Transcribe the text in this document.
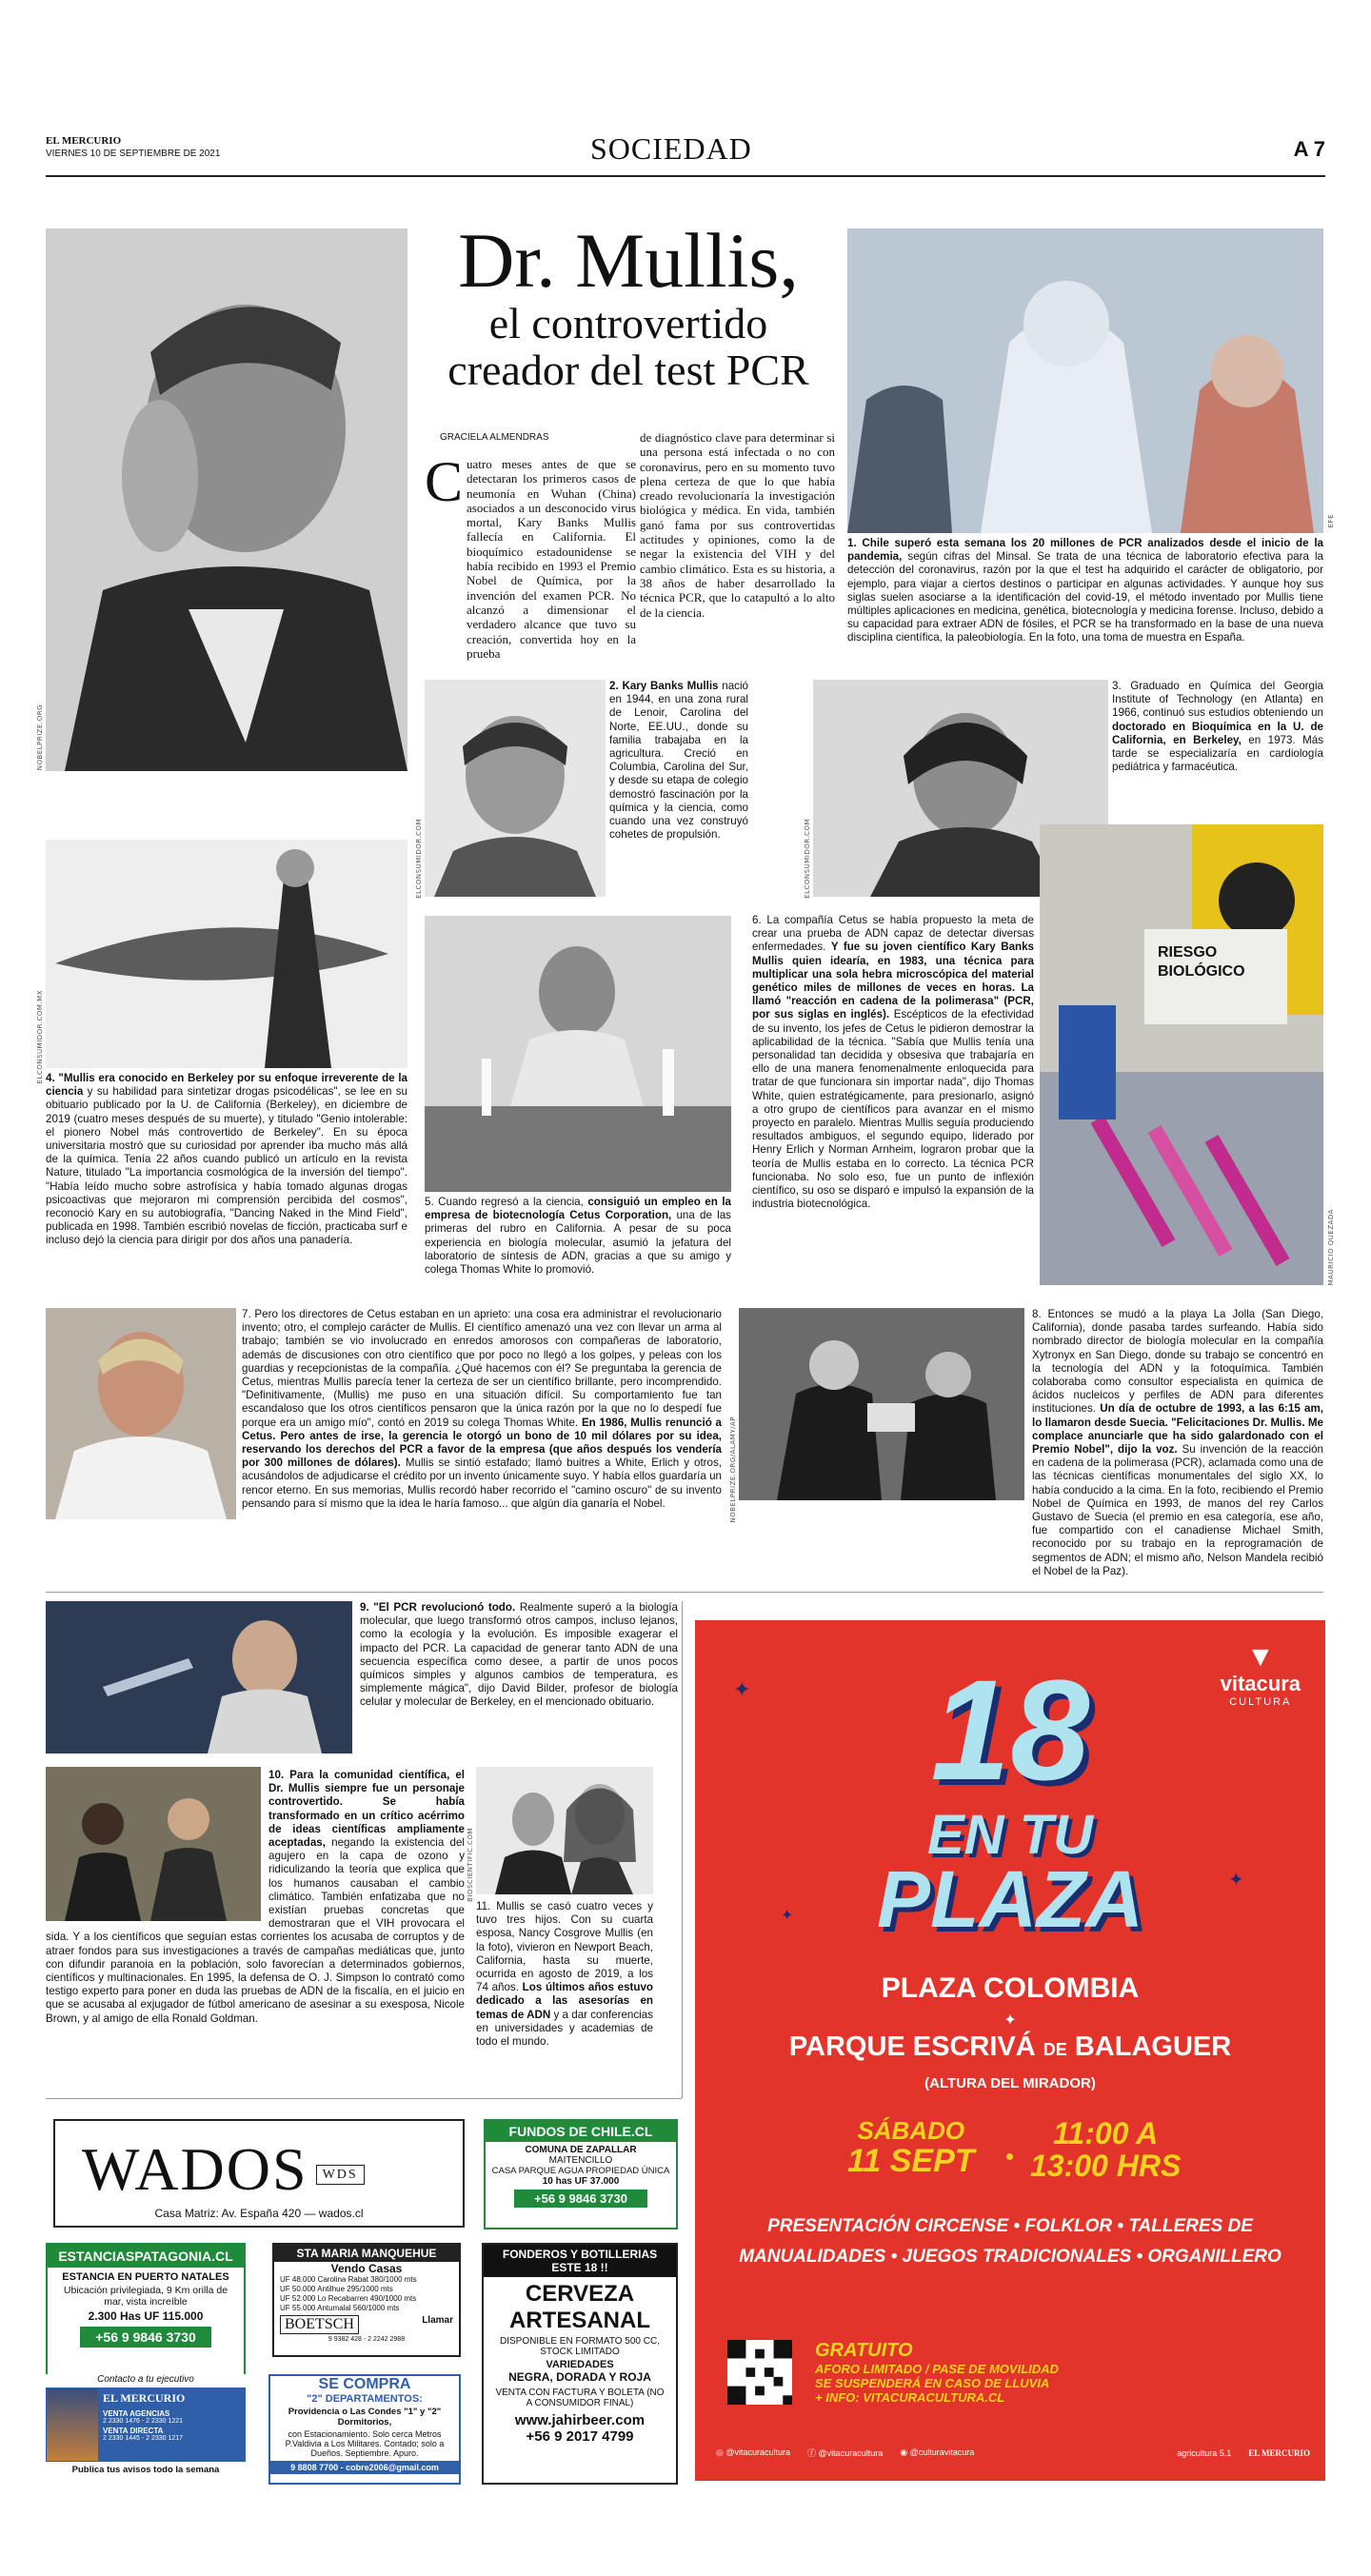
EL MERCURIO
VIERNES 10 DE SEPTIEMBRE DE 2021	SOCIEDAD	A 7
NOBELPRIZE.ORG
Dr. Mullis,
el controvertido
creador del test PCR
GRACIELA ALMENDRAS
C uatro meses antes de que se detectaran los primeros casos de neumonía en Wuhan (China) asociados a un desconocido virus mortal, Kary Banks Mullis fallecía en California. El bioquímico estadounidense se había recibido en 1993 el Premio Nobel de Química, por la invención del examen PCR. No alcanzó a dimensionar el verdadero alcance que tuvo su creación, convertida hoy en la prueba
de diagnóstico clave para determinar si una persona está infectada o no con coronavirus, pero en su momento tuvo plena certeza de que lo que había creado revolucionaría la investigación biológica y médica. En vida, también ganó fama por sus controvertidas actitudes y opiniones, como la de negar la existencia del VIH y del cambio climático. Esta es su historia, a 38 años de haber desarrollado la técnica PCR, que lo catapultó a lo alto de la ciencia.
EFE
1. Chile superó esta semana los 20 millones de PCR analizados desde el inicio de la pandemia, según cifras del Minsal. Se trata de una técnica de laboratorio efectiva para la detección del coronavirus, razón por la que el test ha adquirido el carácter de obligatorio, por ejemplo, para viajar a ciertos destinos o participar en algunas actividades. Y aunque hoy sus siglas suelen asociarse a la identificación del covid-19, el método inventado por Mullis tiene múltiples aplicaciones en medicina, genética, biotecnología y medicina forense. Incluso, debido a su capacidad para extraer ADN de fósiles, el PCR se ha transformado en la base de una nueva disciplina científica, la paleobiología. En la foto, una toma de muestra en España.
ELCONSUMIDOR.COM
2. Kary Banks Mullis nació en 1944, en una zona rural de Lenoir, Carolina del Norte, EE.UU., donde su familia trabajaba en la agricultura. Creció en Columbia, Carolina del Sur, y desde su etapa de colegio demostró fascinación por la química y la ciencia, como cuando una vez construyó cohetes de propulsión.	ELCONSUMIDOR.COM
3. Graduado en Química del Georgia Institute of Technology (en Atlanta) en 1966, continuó sus estudios obteniendo un doctorado en Bioquímica en la U. de California, en Berkeley, en 1973. Más tarde se especializaría en cardiología pediátrica y farmacéutica.
ELCONSUMIDOR.COM.MX 4. "Mullis era conocido en Berkeley por su enfoque irreverente de la ciencia y su habilidad para sintetizar drogas psicodélicas", se lee en su obituario publicado por la U. de California (Berkeley), en diciembre de 2019 (cuatro meses después de su muerte), y titulado "Genio intolerable: el pionero Nobel más controvertido de Berkeley". En su época universitaria mostró que su curiosidad por aprender iba mucho más allá de la química. Tenía 22 años cuando publicó un artículo en la revista Nature, titulado "La importancia cosmológica de la inversión del tiempo". "Había leído mucho sobre astrofísica y había tomado algunas drogas psicoactivas que mejoraron mi comprensión percibida del cosmos", reconoció Kary en su autobiografía, "Dancing Naked in the Mind Field", publicada en 1998. También escribió novelas de ficción, practicaba surf e incluso dejó la ciencia para dirigir por dos años una panadería.
5. Cuando regresó a la ciencia, consiguió un empleo en la empresa de biotecnología Cetus Corporation, una de las primeras del rubro en California. A pesar de su poca experiencia en biología molecular, asumió la jefatura del laboratorio de síntesis de ADN, gracias a que su amigo y colega Thomas White lo promovió.
6. La compañía Cetus se había propuesto la meta de crear una prueba de ADN capaz de detectar diversas enfermedades. Y fue su joven científico Kary Banks Mullis quien idearía, en 1983, una técnica para multiplicar una sola hebra microscópica del material genético miles de millones de veces en horas. La llamó "reacción en cadena de la polimerasa" (PCR, por sus siglas en inglés). Escépticos de la efectividad de su invento, los jefes de Cetus le pidieron demostrar la aplicabilidad de la técnica. "Sabía que Mullis tenía una personalidad tan decidida y obsesiva que trabajaría en ello de una manera fenomenalmente enloquecida para tratar de que funcionara sin importar nada", dijo Thomas White, quien estratégicamente, para presionarlo, asignó a otro grupo de científicos para avanzar en el mismo proyecto en paralelo. Mientras Mullis seguía produciendo resultados ambiguos, el segundo equipo, liderado por Henry Erlich y Norman Arnheim, lograron probar que la teoría de Mullis estaba en lo correcto. La técnica PCR funcionaba. No solo eso, fue un punto de inflexión científico, su oso se disparó e impulsó la expansión de la industria biotecnológica.
RIESGO
BIOLÓGICO
MAURICIO QUEZADA
7. Pero los directores de Cetus estaban en un aprieto: una cosa era administrar el revolucionario invento; otro, el complejo carácter de Mullis. El científico amenazó una vez con llevar un arma al trabajo; también se vio involucrado en enredos amorosos con compañeras de laboratorio, además de discusiones con otro científico que por poco no llegó a los golpes, y peleas con los guardias y recepcionistas de la compañía. ¿Qué hacemos con él? Se preguntaba la gerencia de Cetus, mientras Mullis parecía tener la certeza de ser un científico brillante, pero incomprendido. "Definitivamente, (Mullis) me puso en una situación difícil. Su comportamiento fue tan escandaloso que los otros científicos pensaron que la única razón por la que no lo despedí fue porque era un amigo mío", contó en 2019 su colega Thomas White. En 1986, Mullis renunció a Cetus. Pero antes de irse, la gerencia le otorgó un bono de 10 mil dólares por su idea, reservando los derechos del PCR a favor de la empresa (que años después los vendería por 300 millones de dólares). Mullis se sintió estafado; llamó buitres a White, Erlich y otros, acusándolos de adjudicarse el crédito por un invento únicamente suyo. Y había ellos guardaría un rencor eterno. En sus memorias, Mullis recordó haber recorrido el "camino oscuro" de su invento pensando para sí mismo que la idea le haría famoso... que algún día ganaría el Nobel.	NOBELPRIZE.ORG/ALAMY/AP
8. Entonces se mudó a la playa La Jolla (San Diego, California), donde pasaba tardes surfeando. Había sido nombrado director de biología molecular en la compañía Xytronyx en San Diego, donde su trabajo se concentró en la tecnología del ADN y la fotoquímica. También colaboraba como consultor especialista en química de ácidos nucleicos y perfiles de ADN para diferentes instituciones. Un día de octubre de 1993, a las 6:15 am, lo llamaron desde Suecia. "Felicitaciones Dr. Mullis. Me complace anunciarle que ha sido galardonado con el Premio Nobel", dijo la voz. Su invención de la reacción en cadena de la polimerasa (PCR), aclamada como una de las técnicas científicas monumentales del siglo XX, lo había conducido a la cima. En la foto, recibiendo el Premio Nobel de Química en 1993, de manos del rey Carlos Gustavo de Suecia (el premio en esa categoría, ese año, fue compartido con el canadiense Michael Smith, reconocido por su trabajo en la reprogramación de segmentos de ADN; el mismo año, Nelson Mandela recibió el Nobel de la Paz).
9. "El PCR revolucionó todo. Realmente superó a la biología molecular, que luego transformó otros campos, incluso lejanos, como la ecología y la evolución. Es imposible exagerar el impacto del PCR. La capacidad de generar tanto ADN de una secuencia específica como desee, a partir de unos pocos químicos simples y algunos cambios de temperatura, es simplemente mágica", dijo David Bilder, profesor de biología celular y molecular de Berkeley, en el mencionado obituario.
10. Para la comunidad científica, el Dr. Mullis siempre fue un personaje controvertido. Se había transformado en un crítico acérrimo de ideas científicas ampliamente aceptadas, negando la existencia del agujero en la capa de ozono y ridiculizando la teoría que explica que los humanos causaban el cambio climático. También enfatizaba que no existían pruebas concretas que demostraran que el VIH provocara el sida. Y a los científicos que seguían estas corrientes los acusaba de corruptos y de atraer fondos para sus investigaciones a través de campañas mediáticas que, junto con difundir paranoia en la población, solo favorecían a determinados gobiernos, científicos y multinacionales. En 1995, la defensa de O. J. Simpson lo contrató como testigo experto para poner en duda las pruebas de ADN de la fiscalía, en el juicio en que se acusaba al exjugador de fútbol americano de asesinar a su exesposa, Nicole Brown, y al amigo de ella Ronald Goldman.
BIOSCIENTIFIC.COM
11. Mullis se casó cuatro veces y tuvo tres hijos. Con su cuarta esposa, Nancy Cosgrove Mullis (en la foto), vivieron en Newport Beach, California, hasta su muerte, ocurrida en agosto de 2019, a los 74 años. Los últimos años estuvo dedicado a las asesorías en temas de ADN y a dar conferencias en universidades y academias de todo el mundo.
WADOS WDS
Casa Matriz: Av. España 420 — wados.cl
FUNDOS DE CHILE.CL
COMUNA DE ZAPALLAR
MAITENCILLO
CASA PARQUE AGUA PROPIEDAD ÚNICA
10 has UF 37.000
+56 9 9846 3730
ESTANCIASPATAGONIA.CL
ESTANCIA EN PUERTO NATALES
Ubicación privilegiada, 9 Km orilla de mar, vista increíble
2.300 Has UF 115.000
+56 9 9846 3730
STA MARIA MANQUEHUE
Vendo Casas
UF 48.000 Carolina Rabat 380/1000 mts
UF 50.000 Antilhue 295/1000 mts
UF 52.000 Lo Recabarren 490/1000 mts
UF 55.000 Antumalal 560/1000 mts
BOETSCH	Llamar
9 9382 428 - 2 2242 2988
FONDEROS Y BOTILLERIAS ESTE 18 !!
CERVEZA
ARTESANAL
DISPONIBLE EN FORMATO 500 CC, STOCK LIMITADO
VARIEDADES
NEGRA, DORADA Y ROJA
VENTA CON FACTURA Y BOLETA (NO A CONSUMIDOR FINAL)
www.jahirbeer.com
+56 9 2017 4799
Contacto a tu ejecutivo
EL MERCURIO
VENTA AGENCIAS
2 2330 1476 - 2 2330 1221
VENTA DIRECTA
2 2330 1445 - 2 2330 1217
Publica tus avisos todo la semana
SE COMPRA
"2" DEPARTAMENTOS:
Providencia o Las Condes "1" y "2" Dormitorios,
con Estacionamiento. Solo cerca Metros P.Valdivia a Los Militares. Contado; solo a Dueños. Septiembre. Apuro.
9 8808 7700 - cobre2006@gmail.com
▼
vitacura
CULTURA
✦
✦
✦
18
EN TU
PLAZA
PLAZA COLOMBIA
✦
PARQUE ESCRIVÁ DE BALAGUER
(ALTURA DEL MIRADOR)
SÁBADO
11 SEPT •
11:00 A
13:00 HRS
PRESENTACIÓN CIRCENSE • FOLKLOR • TALLERES DE
MANUALIDADES • JUEGOS TRADICIONALES • ORGANILLERO
GRATUITO
AFORO LIMITADO / PASE DE MOVILIDAD
SE SUSPENDERÁ EN CASO DE LLUVIA
+ INFO: VITACURACULTURA.CL
◎ @vitacuracultura ⓕ @vitacuracultura ◉ @culturavitacura	agricultura 5.1 EL MERCURIO
